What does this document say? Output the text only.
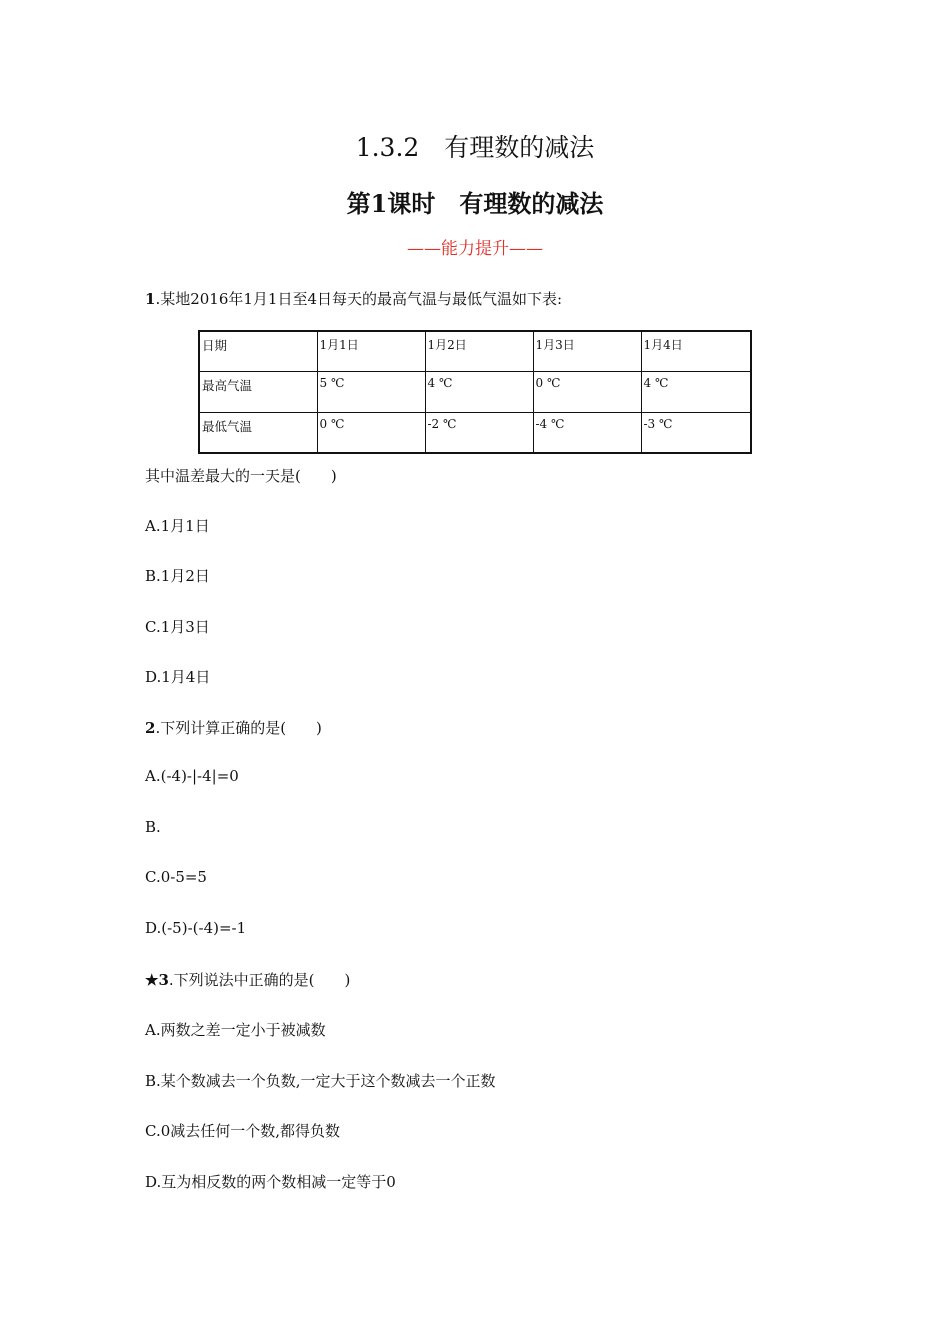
1.3.2　有理数的减法
第1课时　有理数的减法
——能力提升——
1.某地2016年1月1日至4日每天的最高气温与最低气温如下表:
日期	1月1日	1月2日	1月3日	1月4日
最高气温	5 ℃	4 ℃	0 ℃	4 ℃
最低气温	0 ℃	-2 ℃	-4 ℃	-3 ℃
其中温差最大的一天是(　　)
A.1月1日
B.1月2日
C.1月3日
D.1月4日
2.下列计算正确的是(　　)
A.(-4)-|-4|=0
B.
C.0-5=5
D.(-5)-(-4)=-1
★3.下列说法中正确的是(　　)
A.两数之差一定小于被减数
B.某个数减去一个负数,一定大于这个数减去一个正数
C.0减去任何一个数,都得负数
D.互为相反数的两个数相减一定等于0
